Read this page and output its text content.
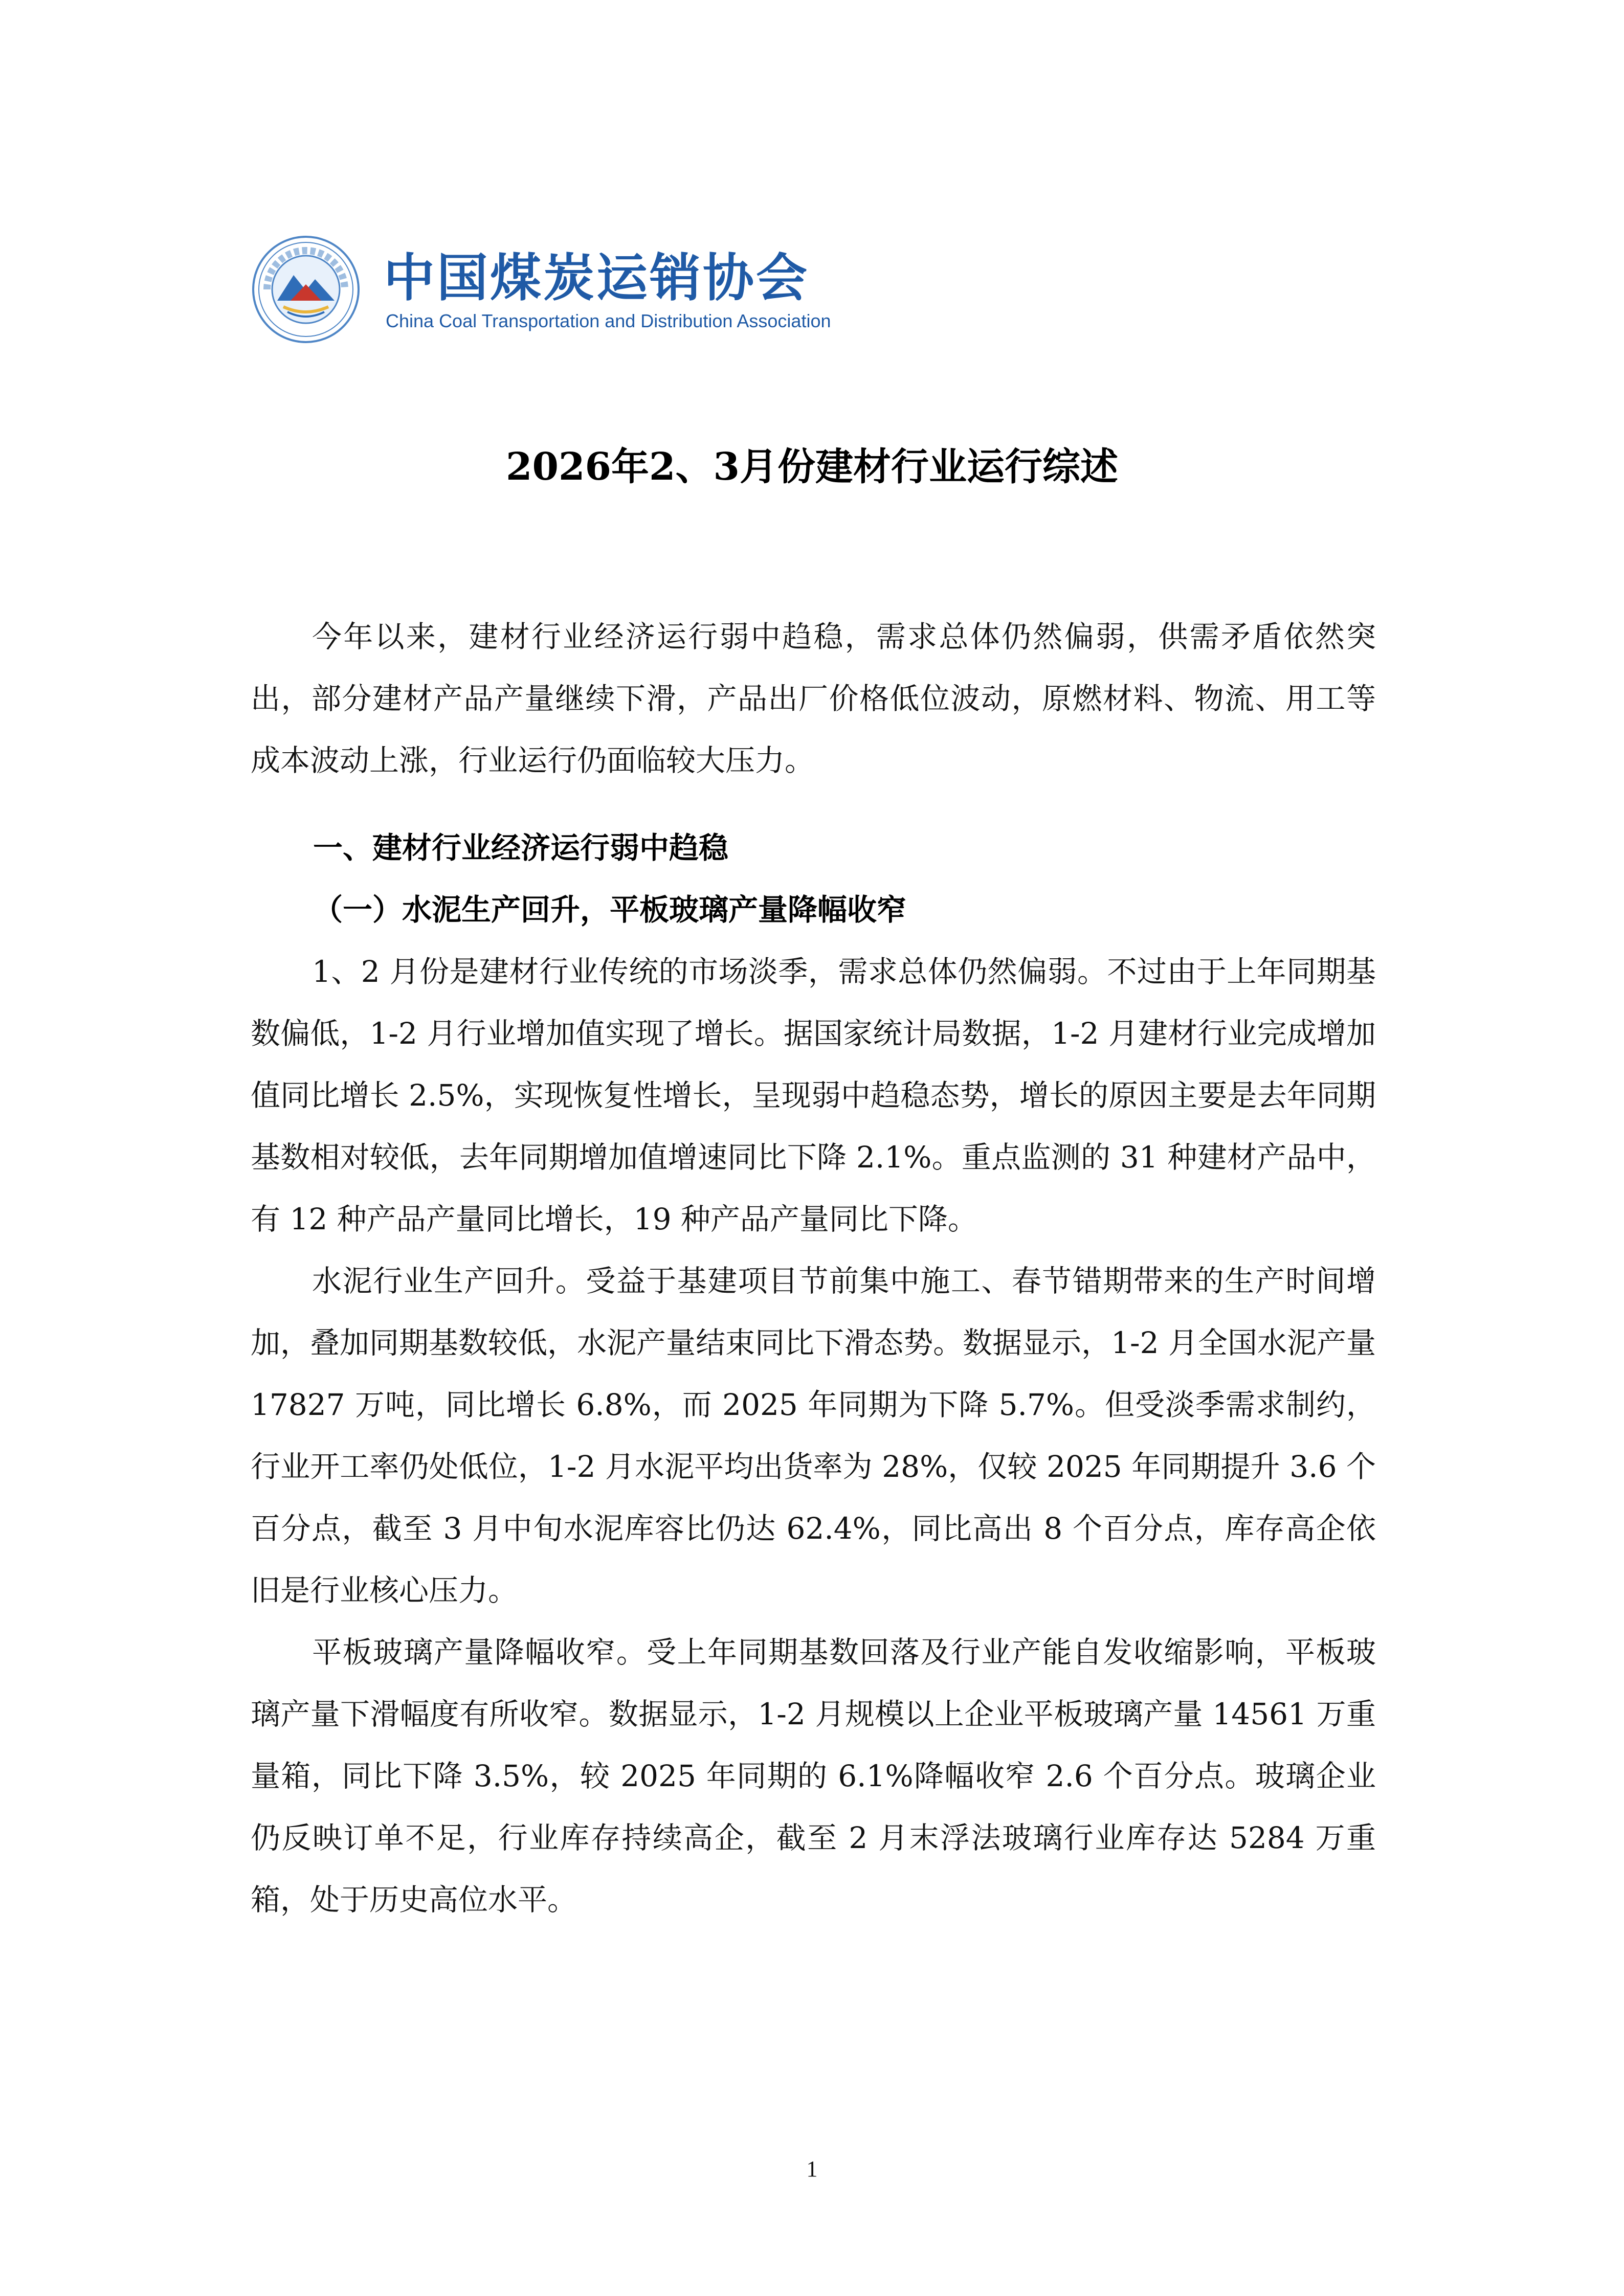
中国煤炭运销协会
China Coal Transportation and Distribution Association
2026年2、3月份建材行业运行综述

今年以来，建材行业经济运行弱中趋稳，需求总体仍然偏弱，供需矛盾依然突出，部分建材产品产量继续下滑，产品出厂价格低位波动，原燃材料、物流、用工等成本波动上涨，行业运行仍面临较大压力。

一、建材行业经济运行弱中趋稳
（一）水泥生产回升，平板玻璃产量降幅收窄

1、2 月份是建材行业传统的市场淡季，需求总体仍然偏弱。不过由于上年同期基数偏低，1-2 月行业增加值实现了增长。据国家统计局数据，1-2 月建材行业完成增加值同比增长 2.5%，实现恢复性增长，呈现弱中趋稳态势，增长的原因主要是去年同期基数相对较低，去年同期增加值增速同比下降 2.1%。重点监测的 31 种建材产品中，有 12 种产品产量同比增长，19 种产品产量同比下降。

水泥行业生产回升。受益于基建项目节前集中施工、春节错期带来的生产时间增加，叠加同期基数较低，水泥产量结束同比下滑态势。数据显示，1-2 月全国水泥产量 17827 万吨，同比增长 6.8%，而 2025 年同期为下降 5.7%。但受淡季需求制约，行业开工率仍处低位，1-2 月水泥平均出货率为 28%，仅较 2025 年同期提升 3.6 个百分点，截至 3 月中旬水泥库容比仍达 62.4%，同比高出 8 个百分点，库存高企依旧是行业核心压力。

平板玻璃产量降幅收窄。受上年同期基数回落及行业产能自发收缩影响，平板玻璃产量下滑幅度有所收窄。数据显示，1-2 月规模以上企业平板玻璃产量 14561 万重量箱，同比下降 3.5%，较 2025 年同期的 6.1%降幅收窄 2.6 个百分点。玻璃企业仍反映订单不足，行业库存持续高企，截至 2 月末浮法玻璃行业库存达 5284 万重箱，处于历史高位水平。

1
